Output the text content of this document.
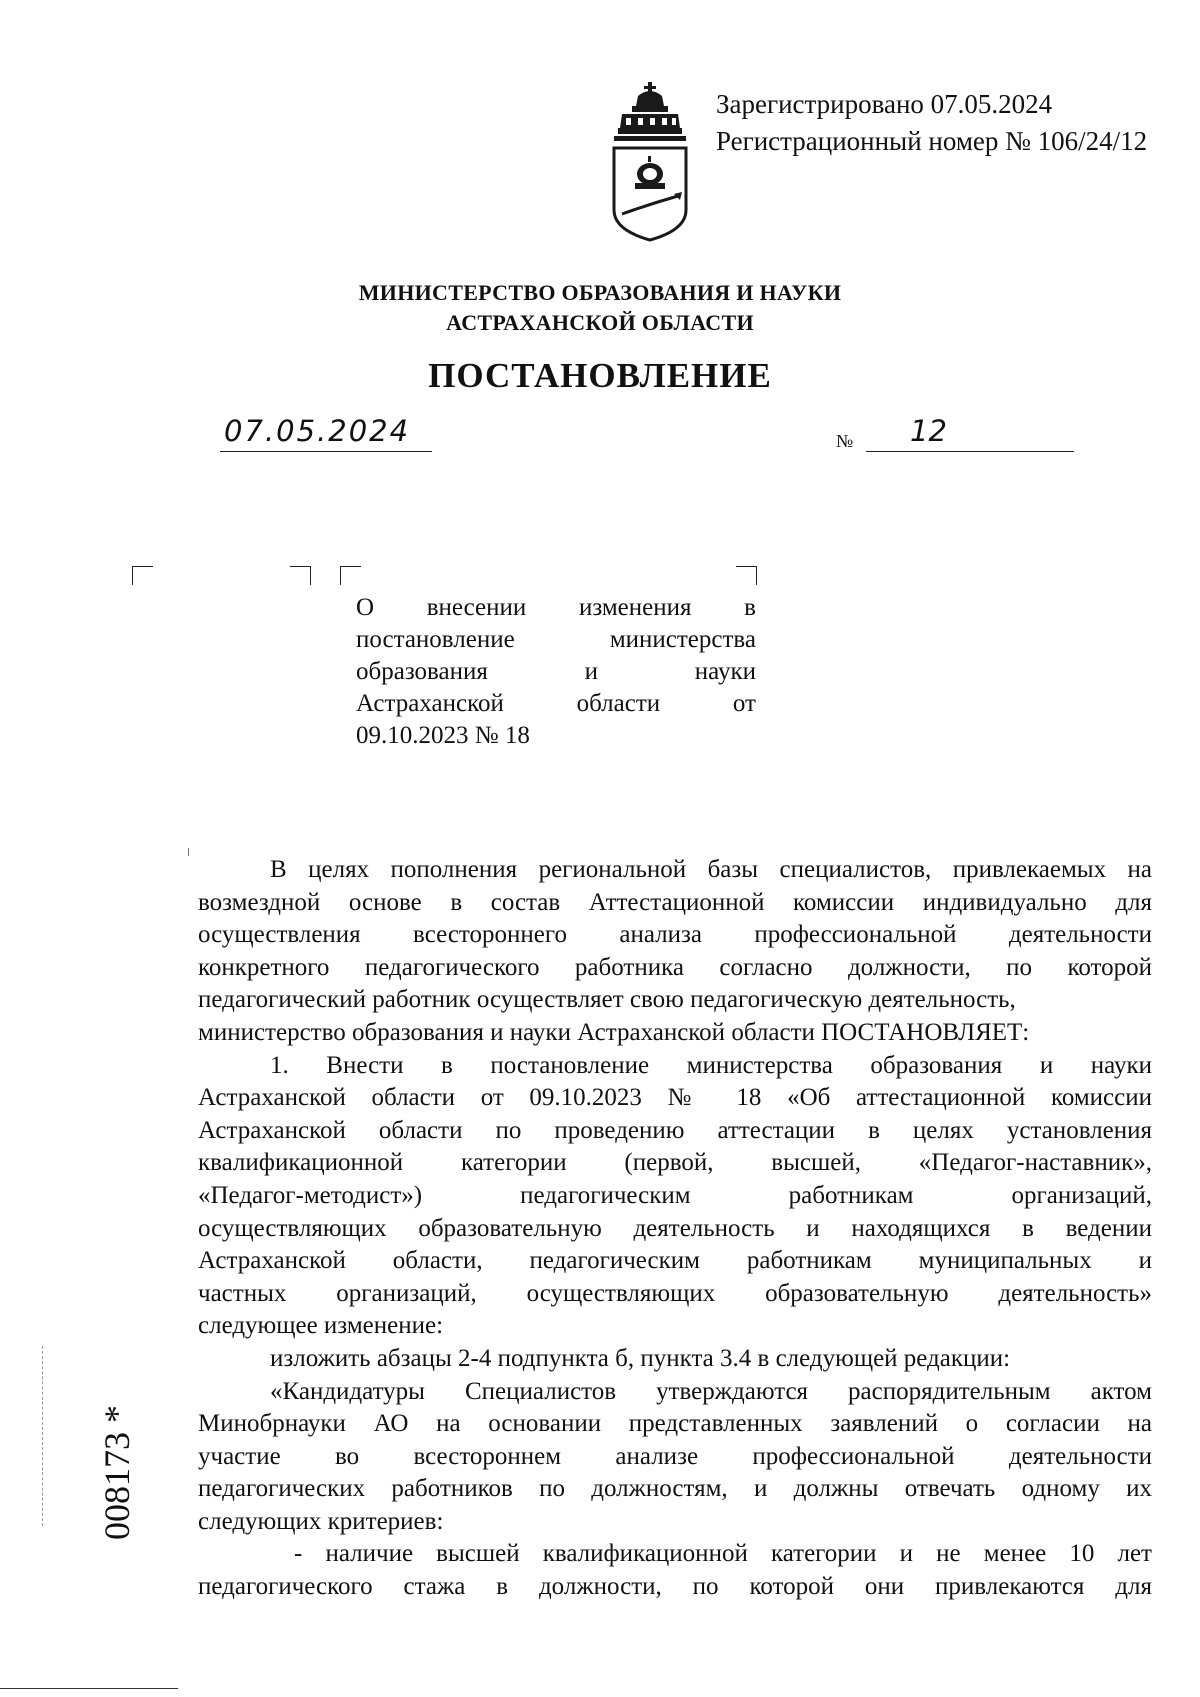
Зарегистрировано 07.05.2024
Регистрационный номер № 106/24/12
МИНИСТЕРСТВО ОБРАЗОВАНИЯ И НАУКИ
АСТРАХАНСКОЙ ОБЛАСТИ
ПОСТАНОВЛЕНИЕ
07.05.2024	№ 12
О внесении изменения в
постановление министерства
образования и науки
Астраханской области от
09.10.2023 № 18
В целях пополнения региональной базы специалистов, привлекаемых на
возмездной основе в состав Аттестационной комиссии индивидуально для
осуществления всестороннего анализа профессиональной деятельности
конкретного педагогического работника согласно должности, по которой
педагогический работник осуществляет свою педагогическую деятельность,
министерство образования и науки Астраханской области ПОСТАНОВЛЯЕТ:
1. Внести в постановление министерства образования и науки
Астраханской области от 09.10.2023 № 18 «Об аттестационной комиссии
Астраханской области по проведению аттестации в целях установления
квалификационной категории (первой, высшей, «Педагог-наставник»,
«Педагог-методист») педагогическим работникам организаций,
осуществляющих образовательную деятельность и находящихся в ведении
Астраханской области, педагогическим работникам муниципальных и
частных организаций, осуществляющих образовательную деятельность»
следующее изменение:
изложить абзацы 2-4 подпункта б, пункта 3.4 в следующей редакции:
«Кандидатуры Специалистов утверждаются распорядительным актом
Минобрнауки АО на основании представленных заявлений о согласии на
участие во всестороннем анализе профессиональной деятельности
педагогических работников по должностям, и должны отвечать одному их
следующих критериев:
- наличие высшей квалификационной категории и не менее 10 лет
педагогического стажа в должности, по которой они привлекаются для
008173 *
